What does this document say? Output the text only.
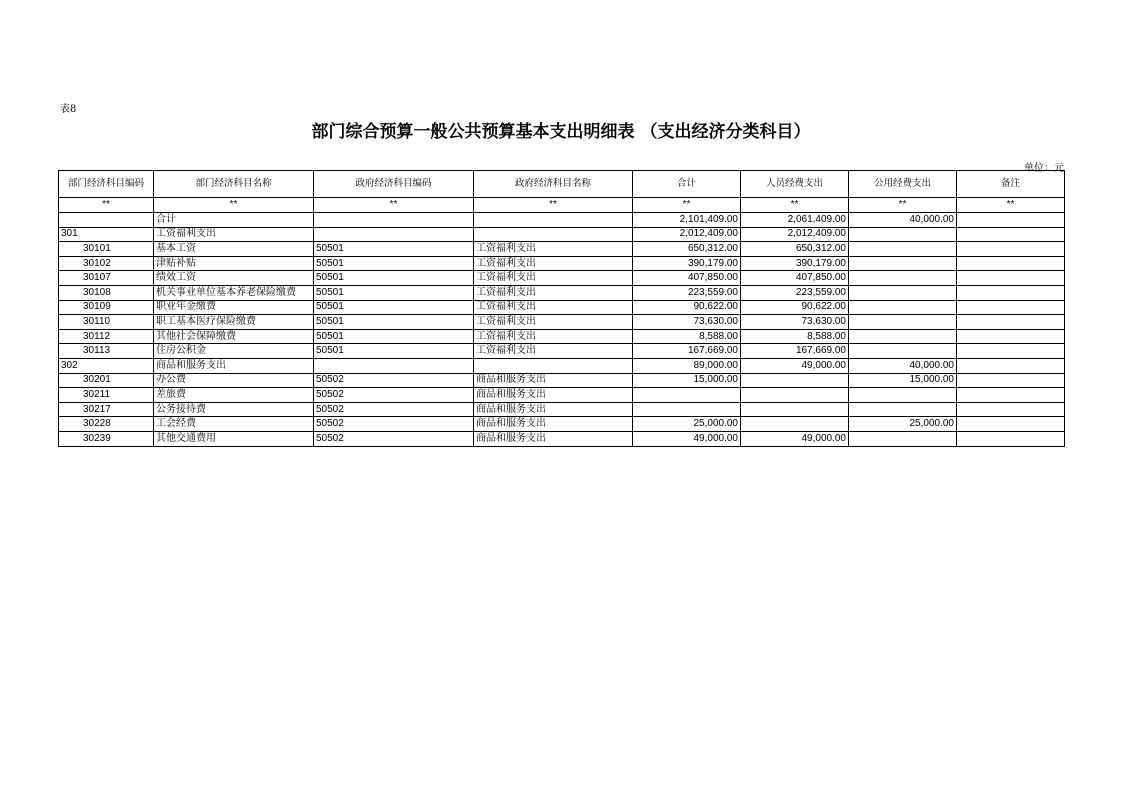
表8
部门综合预算一般公共预算基本支出明细表 （支出经济分类科目）
单位：元
部门经济科目编码	部门经济科目名称	政府经济科目编码	政府经济科目名称	合计	人员经费支出	公用经费支出	备注
**	**	**	**	**	**	**	**
	合计			2,101,409.00	2,061,409.00	40,000.00	
301	工资福利支出			2,012,409.00	2,012,409.00		
30101	基本工资	50501	工资福利支出	650,312.00	650,312.00		
30102	津贴补贴	50501	工资福利支出	390,179.00	390,179.00		
30107	绩效工资	50501	工资福利支出	407,850.00	407,850.00		
30108	机关事业单位基本养老保险缴费	50501	工资福利支出	223,559.00	223,559.00		
30109	职业年金缴费	50501	工资福利支出	90,622.00	90,622.00		
30110	职工基本医疗保险缴费	50501	工资福利支出	73,630.00	73,630.00		
30112	其他社会保障缴费	50501	工资福利支出	8,588.00	8,588.00		
30113	住房公积金	50501	工资福利支出	167,669.00	167,669.00		
302	商品和服务支出			89,000.00	49,000.00	40,000.00	
30201	办公费	50502	商品和服务支出	15,000.00		15,000.00	
30211	差旅费	50502	商品和服务支出				
30217	公务接待费	50502	商品和服务支出				
30228	工会经费	50502	商品和服务支出	25,000.00		25,000.00	
30239	其他交通费用	50502	商品和服务支出	49,000.00	49,000.00		
